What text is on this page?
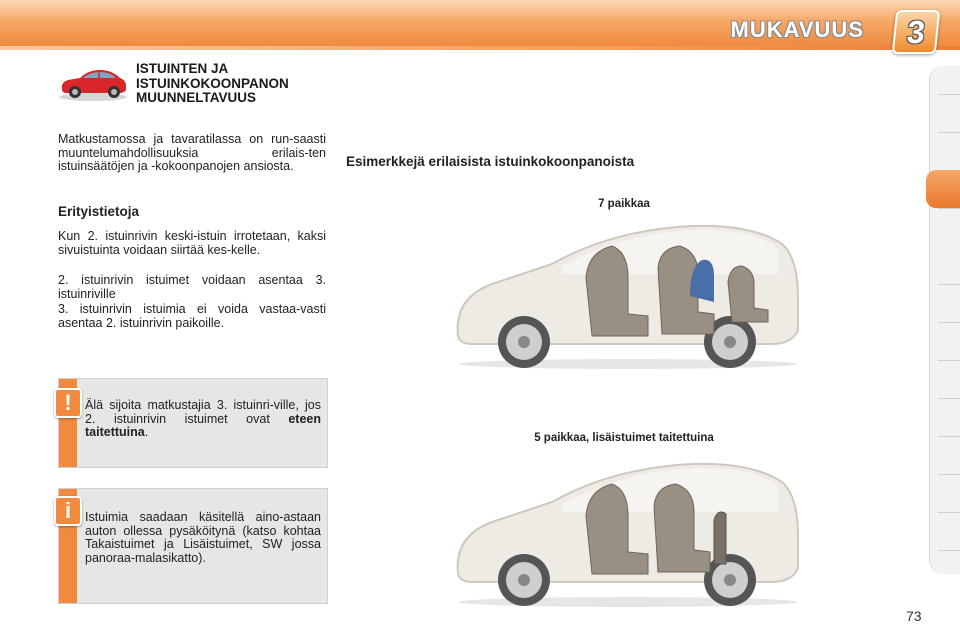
MUKAVUUS	3
ISTUINTEN JA
ISTUINKOKOONPANON
MUUNNELTAVUUS
Matkustamossa ja tavaratilassa on run-saasti muuntelumahdollisuuksia erilais-ten istuinsäätöjen ja -kokoonpanojen ansiosta.
Erityistietoja
Kun 2. istuinrivin keski-istuin irrotetaan, kaksi sivuistuinta voidaan siirtää kes-kelle.
2. istuinrivin istuimet voidaan asentaa 3. istuinriville
3. istuinrivin istuimia ei voida vastaa-vasti asentaa 2. istuinrivin paikoille.
Älä sijoita matkustajia 3. istuinri-ville, jos 2. istuinrivin istuimet ovat eteen taitettuina.
!
Istuimia saadaan käsitellä aino-astaan auton ollessa pysäköitynä (katso kohtaa Takaistuimet ja Lisäistuimet, SW jossa panoraa-malasikatto).
i
Esimerkkejä erilaisista istuinkokoonpanoista
7 paikkaa
5 paikkaa, lisäistuimet taitettuina
73
